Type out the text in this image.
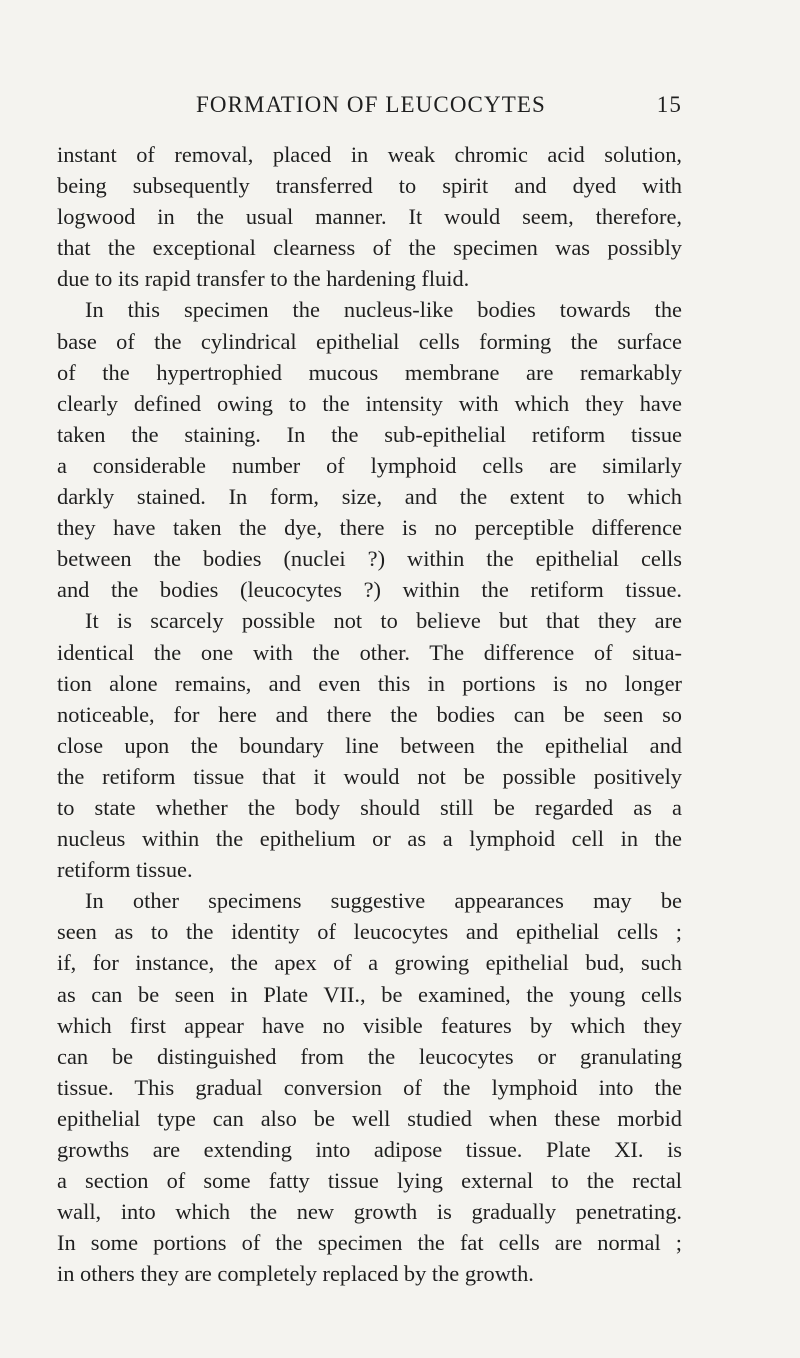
FORMATION OF LEUCOCYTES	15
instant of removal, placed in weak chromic acid solution,
being subsequently transferred to spirit and dyed with
logwood in the usual manner. It would seem, therefore,
that the exceptional clearness of the specimen was possibly
due to its rapid transfer to the hardening fluid.
In this specimen the nucleus-like bodies towards the
base of the cylindrical epithelial cells forming the surface
of the hypertrophied mucous membrane are remarkably
clearly defined owing to the intensity with which they have
taken the staining. In the sub-epithelial retiform tissue
a considerable number of lymphoid cells are similarly
darkly stained. In form, size, and the extent to which
they have taken the dye, there is no perceptible difference
between the bodies (nuclei ?) within the epithelial cells
and the bodies (leucocytes ?) within the retiform tissue.
It is scarcely possible not to believe but that they are
identical the one with the other. The difference of situa-
tion alone remains, and even this in portions is no longer
noticeable, for here and there the bodies can be seen so
close upon the boundary line between the epithelial and
the retiform tissue that it would not be possible positively
to state whether the body should still be regarded as a
nucleus within the epithelium or as a lymphoid cell in the
retiform tissue.
In other specimens suggestive appearances may be
seen as to the identity of leucocytes and epithelial cells ;
if, for instance, the apex of a growing epithelial bud, such
as can be seen in Plate VII., be examined, the young cells
which first appear have no visible features by which they
can be distinguished from the leucocytes or granulating
tissue. This gradual conversion of the lymphoid into the
epithelial type can also be well studied when these morbid
growths are extending into adipose tissue. Plate XI. is
a section of some fatty tissue lying external to the rectal
wall, into which the new growth is gradually penetrating.
In some portions of the specimen the fat cells are normal ;
in others they are completely replaced by the growth.
